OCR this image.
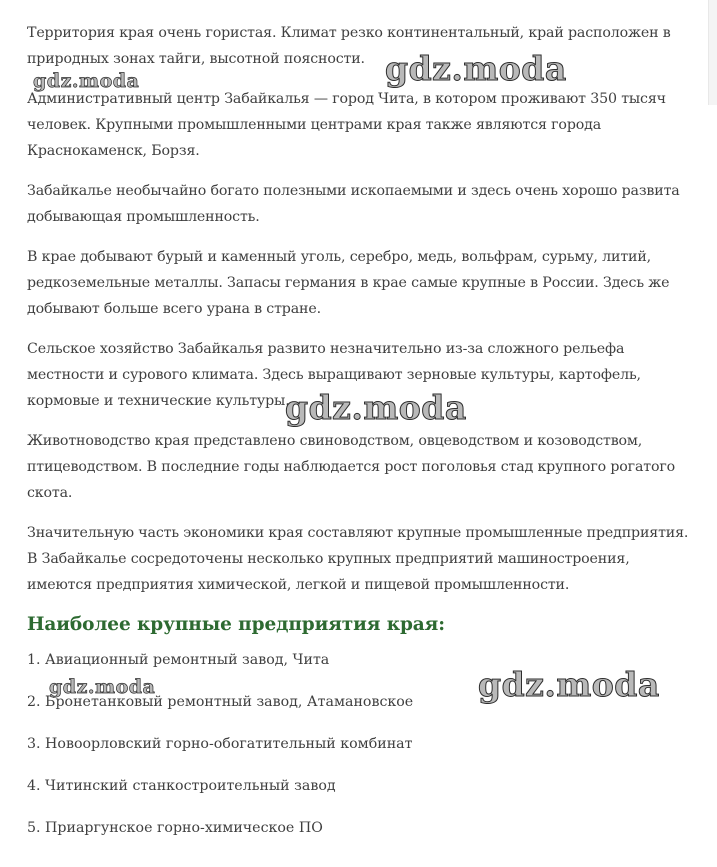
Территория края очень гористая. Климат резко континентальный, край расположен в природных зонах тайги, высотной поясности.

Административный центр Забайкалья — город Чита, в котором проживают 350 тысяч человек. Крупными промышленными центрами края также являются города Краснокаменск, Борзя.

Забайкалье необычайно богато полезными ископаемыми и здесь очень хорошо развита добывающая промышленность.

В крае добывают бурый и каменный уголь, серебро, медь, вольфрам, сурьму, литий, редкоземельные металлы. Запасы германия в крае самые крупные в России. Здесь же добывают больше всего урана в стране.

Сельское хозяйство Забайкалья развито незначительно из-за сложного рельефа местности и сурового климата. Здесь выращивают зерновые культуры, картофель, кормовые и технические культуры.

Животноводство края представлено свиноводством, овцеводством и козоводством, птицеводством. В последние годы наблюдается рост поголовья стад крупного рогатого скота.

Значительную часть экономики края составляют крупные промышленные предприятия. В Забайкалье сосредоточены несколько крупных предприятий машиностроения, имеются предприятия химической, легкой и пищевой промышленности.

Наиболее крупные предприятия края:
1. Авиационный ремонтный завод, Чита
2. Бронетанковый ремонтный завод, Атамановское
3. Новоорловский горно-обогатительный комбинат
4. Читинский станкостроительный завод
5. Приаргунское горно-химическое ПО
gdz.moda	gdz.moda
gdz.moda
gdz.moda	gdz.moda
